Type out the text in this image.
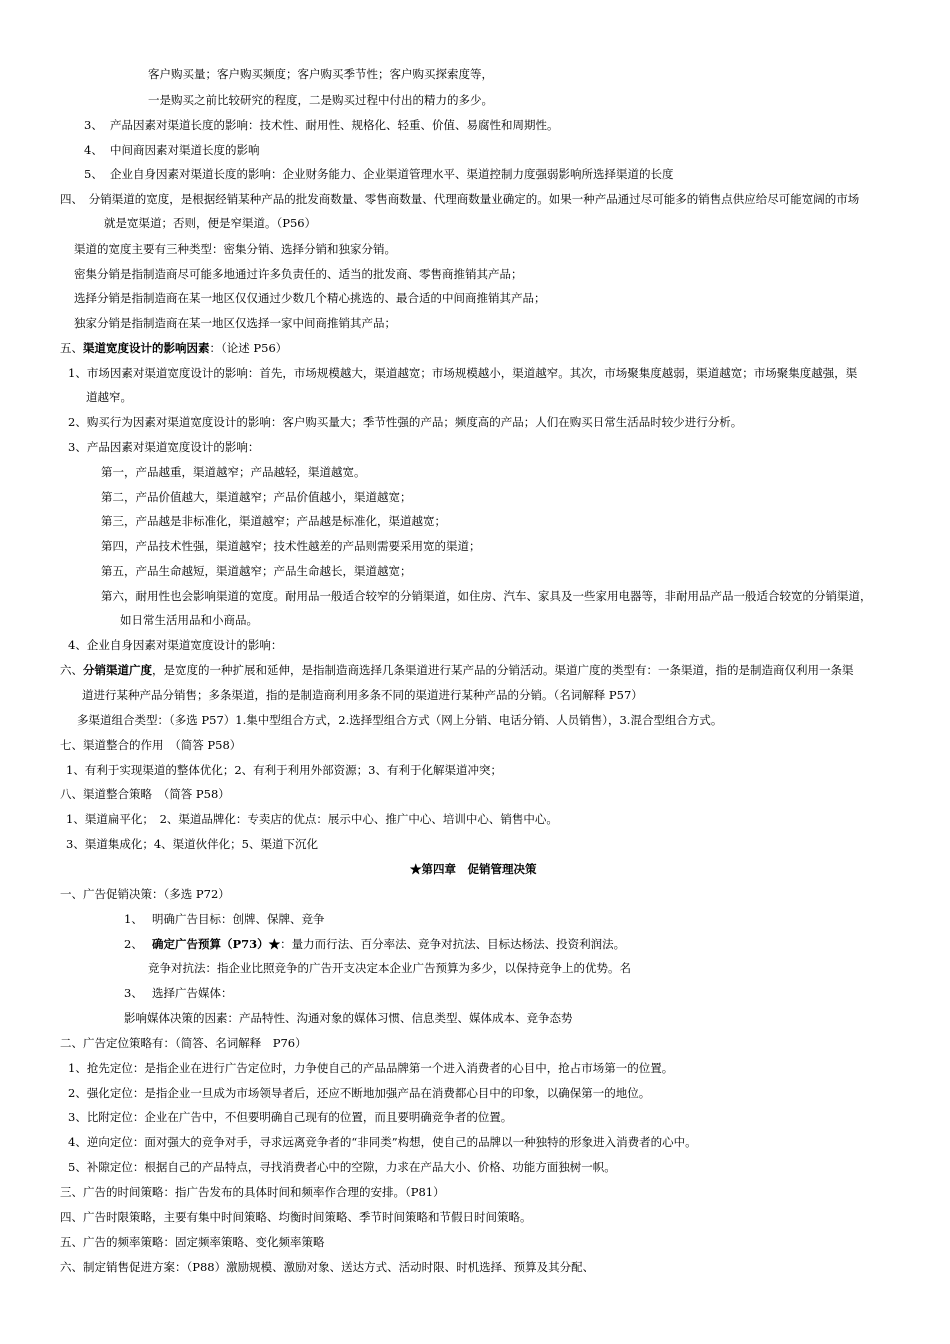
客户购买量；客户购买频度；客户购买季节性；客户购买探索度等，
一是购买之前比较研究的程度，二是购买过程中付出的精力的多少。
3、 产品因素对渠道长度的影响：技术性、耐用性、规格化、轻重、价值、易腐性和周期性。
4、 中间商因素对渠道长度的影响
5、 企业自身因素对渠道长度的影响：企业财务能力、企业渠道管理水平、渠道控制力度强弱影响所选择渠道的长度
四、　分销渠道的宽度，是根据经销某种产品的批发商数量、零售商数量、代理商数量业确定的。如果一种产品通过尽可能多的销售点供应给尽可能宽阔的市场
就是宽渠道；否则，便是窄渠道。（P56）
渠道的宽度主要有三种类型：密集分销、选择分销和独家分销。
密集分销是指制造商尽可能多地通过许多负责任的、适当的批发商、零售商推销其产品；
选择分销是指制造商在某一地区仅仅通过少数几个精心挑选的、最合适的中间商推销其产品；
独家分销是指制造商在某一地区仅选择一家中间商推销其产品；
五、渠道宽度设计的影响因素：（论述 P56）
1、市场因素对渠道宽度设计的影响：首先，市场规模越大，渠道越宽；市场规模越小，渠道越窄。其次，市场聚集度越弱，渠道越宽；市场聚集度越强，渠
道越窄。
2、购买行为因素对渠道宽度设计的影响：客户购买量大；季节性强的产品；频度高的产品；人们在购买日常生活品时较少进行分析。
3、产品因素对渠道宽度设计的影响：
第一，产品越重，渠道越窄；产品越轻，渠道越宽。
第二，产品价值越大，渠道越窄；产品价值越小，渠道越宽；
第三，产品越是非标准化，渠道越窄；产品越是标准化，渠道越宽；
第四，产品技术性强，渠道越窄；技术性越差的产品则需要采用宽的渠道；
第五，产品生命越短，渠道越窄；产品生命越长，渠道越宽；
第六，耐用性也会影响渠道的宽度。耐用品一般适合较窄的分销渠道，如住房、汽车、家具及一些家用电器等，非耐用品产品一般适合较宽的分销渠道，
如日常生活用品和小商品。
4、企业自身因素对渠道宽度设计的影响：
六、分销渠道广度，是宽度的一种扩展和延伸，是指制造商选择几条渠道进行某产品的分销活动。渠道广度的类型有：一条渠道，指的是制造商仅利用一条渠
道进行某种产品分销售；多条渠道，指的是制造商利用多条不同的渠道进行某种产品的分销。（名词解释 P57）
多渠道组合类型：（多选 P57）1.集中型组合方式，2.选择型组合方式（网上分销、电话分销、人员销售），3.混合型组合方式。
七、渠道整合的作用　（简答 P58）
1、有利于实现渠道的整体优化；2、有利于利用外部资源；3、有利于化解渠道冲突；
八、渠道整合策略　（简答 P58）
1、渠道扁平化；　2、渠道品牌化：专卖店的优点：展示中心、推广中心、培训中心、销售中心。
3、渠道集成化；4、渠道伙伴化；5、渠道下沉化
★第四章　促销管理决策
一、广告促销决策：（多选 P72）
1、 明确广告目标：创牌、保牌、竞争
2、 确定广告预算（P73）★：量力而行法、百分率法、竞争对抗法、目标达杨法、投资利润法。
竞争对抗法：指企业比照竞争的广告开支决定本企业广告预算为多少，以保持竞争上的优势。名
3、 选择广告媒体：
影响媒体决策的因素：产品特性、沟通对象的媒体习惯、信息类型、媒体成本、竞争态势
二、广告定位策略有：（简答、名词解释　P76）
1、抢先定位：是指企业在进行广告定位时，力争使自己的产品品牌第一个进入消费者的心目中，抢占市场第一的位置。
2、强化定位：是指企业一旦成为市场领导者后，还应不断地加强产品在消费都心目中的印象，以确保第一的地位。
3、比附定位：企业在广告中，不但要明确自己现有的位置，而且要明确竞争者的位置。
4、逆向定位：面对强大的竞争对手，寻求远离竞争者的“非同类”构想，使自己的品牌以一种独特的形象进入消费者的心中。
5、补隙定位：根据自己的产品特点，寻找消费者心中的空隙，力求在产品大小、价格、功能方面独树一帜。
三、广告的时间策略：指广告发布的具体时间和频率作合理的安排。（P81）
四、广告时限策略，主要有集中时间策略、均衡时间策略、季节时间策略和节假日时间策略。
五、广告的频率策略：固定频率策略、变化频率策略
六、制定销售促进方案：（P88）激励规模、激励对象、送达方式、活动时限、时机选择、预算及其分配、
